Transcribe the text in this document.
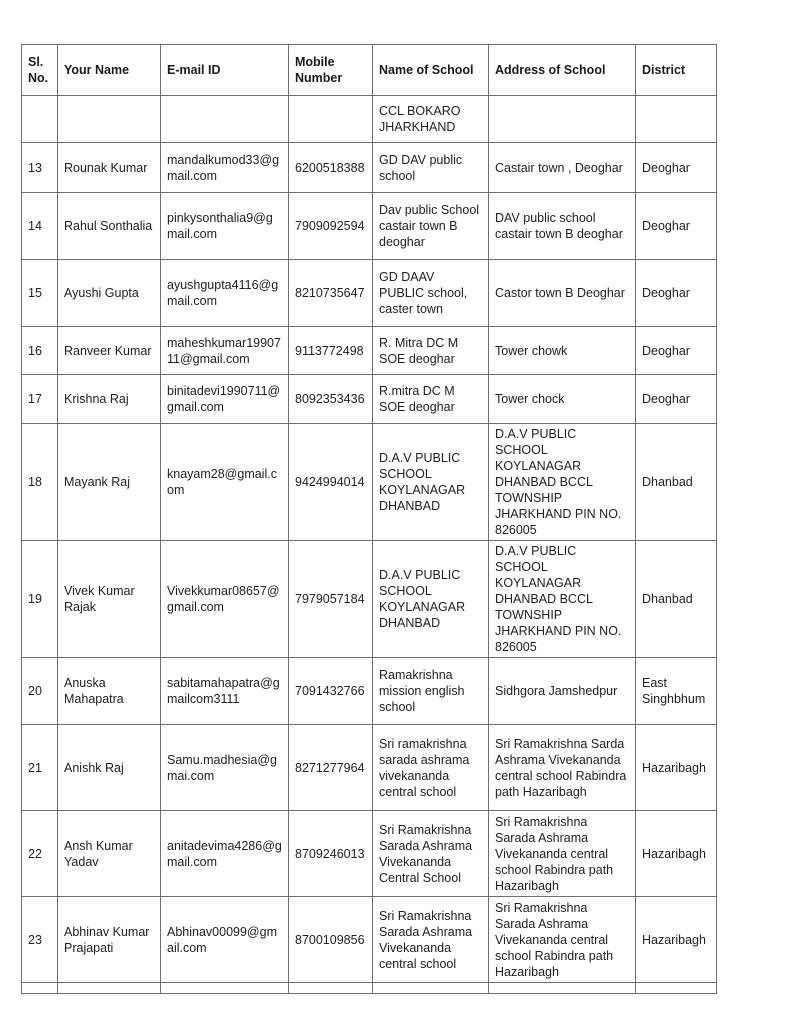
Sl. No.	Your Name	E-mail ID	Mobile Number	Name of School	Address of School	District
				CCL BOKARO JHARKHAND		
13	Rounak Kumar	mandalkumod33@gmail.com	6200518388	GD DAV public school	Castair town , Deoghar	Deoghar
14	Rahul Sonthalia	pinkysonthalia9@gmail.com	7909092594	Dav public School castair town B deoghar	DAV public school castair town B deoghar	Deoghar
15	Ayushi Gupta	ayushgupta4116@gmail.com	8210735647	GD DAAV PUBLIC school, caster town	Castor town B Deoghar	Deoghar
16	Ranveer Kumar	maheshkumar1990711@gmail.com	9113772498	R. Mitra DC M SOE deoghar	Tower chowk	Deoghar
17	Krishna Raj	binitadevi1990711@gmail.com	8092353436	R.mitra DC M SOE deoghar	Tower chock	Deoghar
18	Mayank Raj	knayam28@gmail.com	9424994014	D.A.V PUBLIC SCHOOL KOYLANAGAR DHANBAD	D.A.V PUBLIC SCHOOL KOYLANAGAR DHANBAD BCCL TOWNSHIP JHARKHAND PIN NO. 826005	Dhanbad
19	Vivek Kumar Rajak	Vivekkumar08657@gmail.com	7979057184	D.A.V PUBLIC SCHOOL KOYLANAGAR DHANBAD	D.A.V PUBLIC SCHOOL KOYLANAGAR DHANBAD BCCL TOWNSHIP JHARKHAND PIN NO. 826005	Dhanbad
20	Anuska Mahapatra	sabitamahapatra@gmailcom3111	7091432766	Ramakrishna mission english school	Sidhgora Jamshedpur	East Singhbhum
21	Anishk Raj	Samu.madhesia@gmai.com	8271277964	Sri ramakrishna sarada ashrama vivekananda central school	Sri Ramakrishna Sarda Ashrama Vivekananda central school Rabindra path Hazaribagh	Hazaribagh
22	Ansh Kumar Yadav	anitadevima4286@gmail.com	8709246013	Sri Ramakrishna Sarada Ashrama Vivekananda Central School	Sri Ramakrishna Sarada Ashrama Vivekananda central school Rabindra path Hazaribagh	Hazaribagh
23	Abhinav Kumar Prajapati	Abhinav00099@gmail.com	8700109856	Sri Ramakrishna Sarada Ashrama Vivekananda central school	Sri Ramakrishna Sarada Ashrama Vivekananda central school Rabindra path Hazaribagh	Hazaribagh
